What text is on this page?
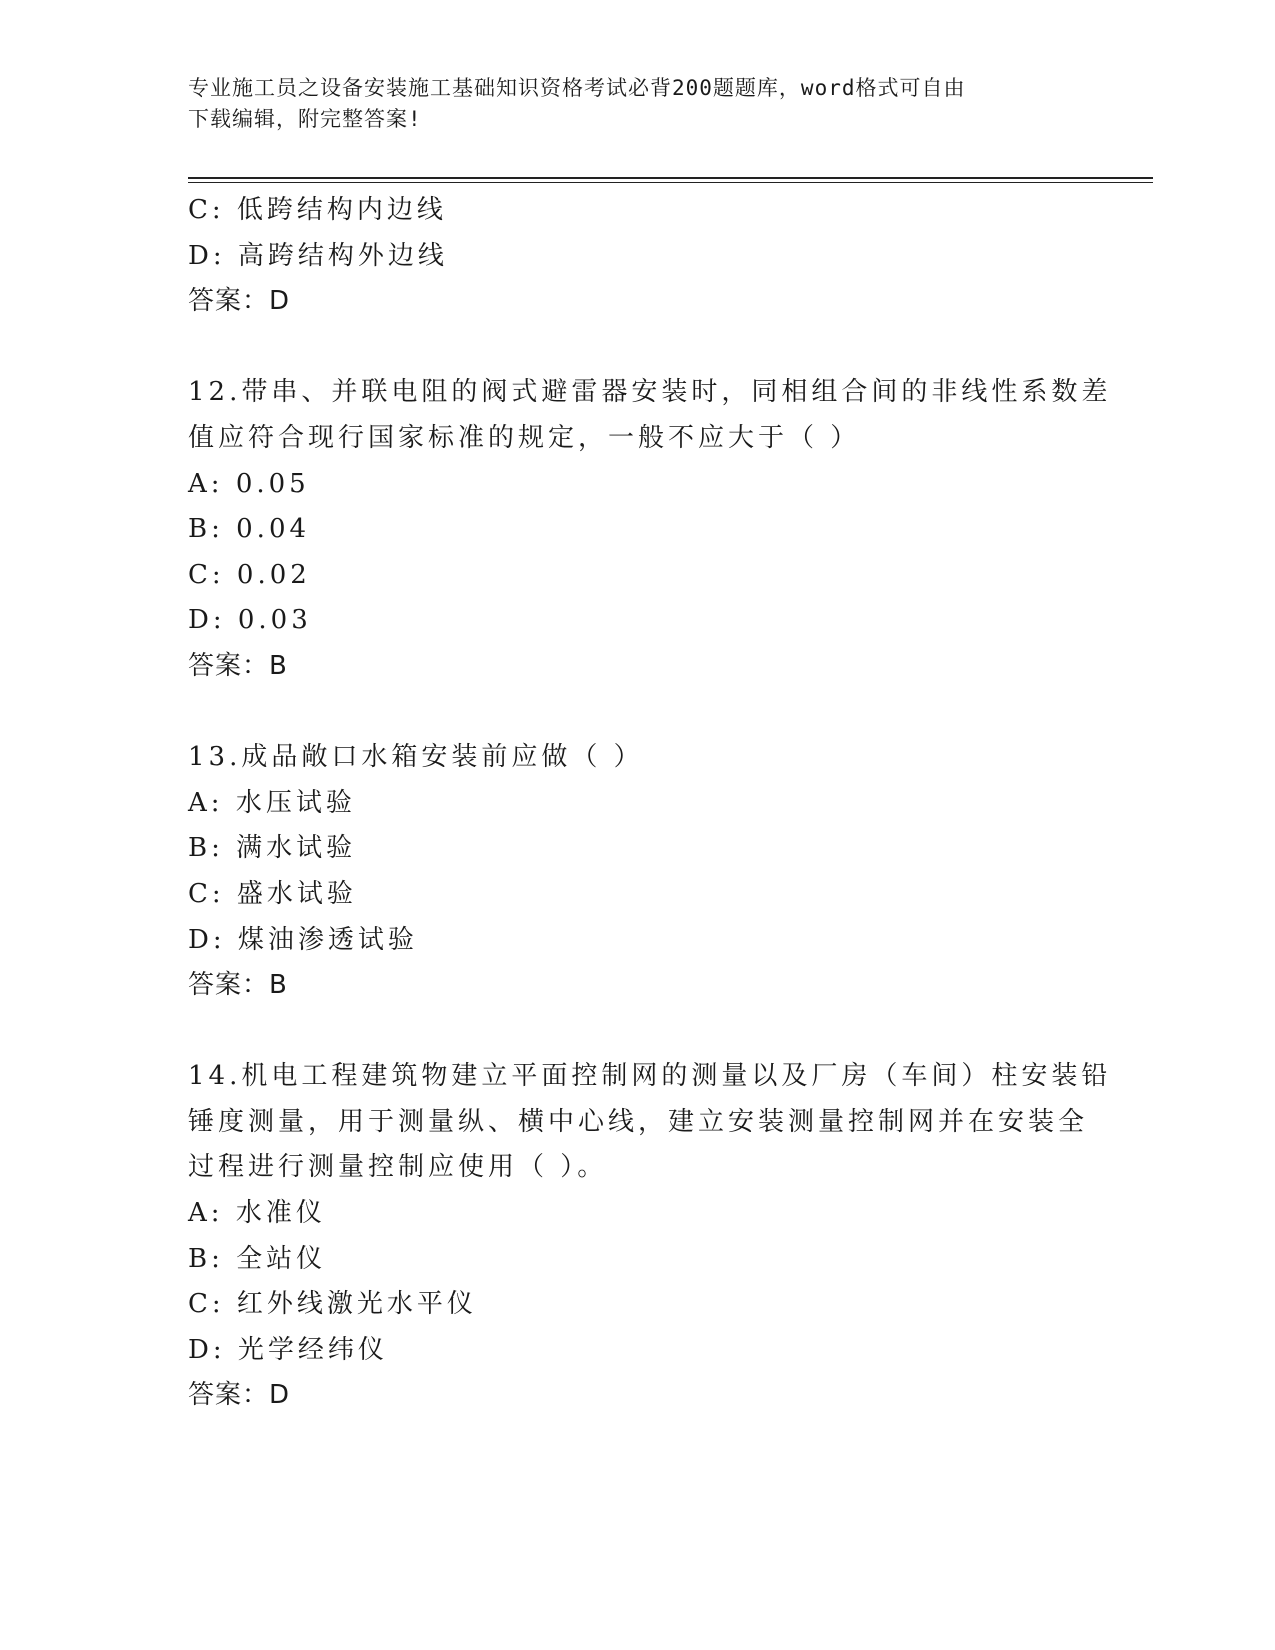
专业施工员之设备安装施工基础知识资格考试必背200题题库，word格式可自由
下载编辑，附完整答案!
C: 低跨结构内边线
D: 高跨结构外边线
答案：D
12.带串、并联电阻的阀式避雷器安装时，同相组合间的非线性系数差
值应符合现行国家标准的规定，一般不应大于（ ）
A: 0.05
B: 0.04
C: 0.02
D: 0.03
答案：B
13.成品敞口水箱安装前应做（ ）
A: 水压试验
B: 满水试验
C: 盛水试验
D: 煤油渗透试验
答案：B
14.机电工程建筑物建立平面控制网的测量以及厂房（车间）柱安装铅
锤度测量，用于测量纵、横中心线，建立安装测量控制网并在安装全
过程进行测量控制应使用（ ）。
A: 水准仪
B: 全站仪
C: 红外线激光水平仪
D: 光学经纬仪
答案：D
